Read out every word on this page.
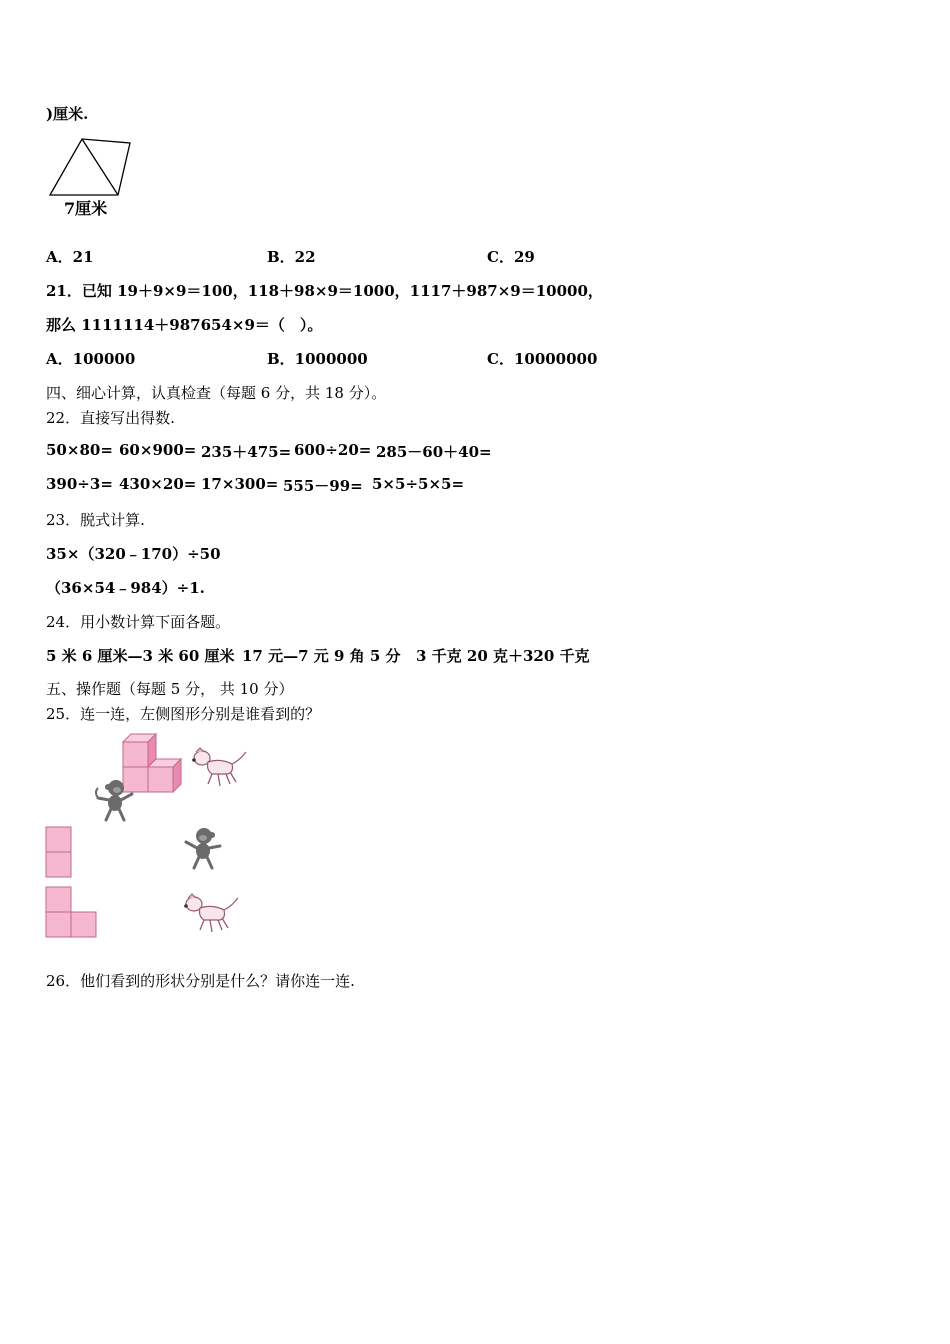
)厘米.
7厘米
A．21	B．22	C．29
21．已知 19＋9×9＝100，118＋98×9＝1000，1117＋987×9＝10000，
那么 1111114＋987654×9＝（　）。
A．100000	B．1000000	C．10000000
四、细心计算，认真检查（每题 6 分，共 18 分）。
22．直接写出得数.
50×80= 60×900= 235＋475= 600÷20= 285－60＋40=
390÷3= 430×20= 17×300= 555－99= 5×5÷5×5=
23．脱式计算.
35×（320﹣170）÷50
（36×54﹣984）÷1.
24．用小数计算下面各题。
5 米 6 厘米—3 米 60 厘米 17 元—7 元 9 角 5 分 3 千克 20 克＋320 千克
五、操作题（每题 5 分， 共 10 分）
25．连一连，左侧图形分别是谁看到的？
26．他们看到的形状分别是什么？请你连一连.
